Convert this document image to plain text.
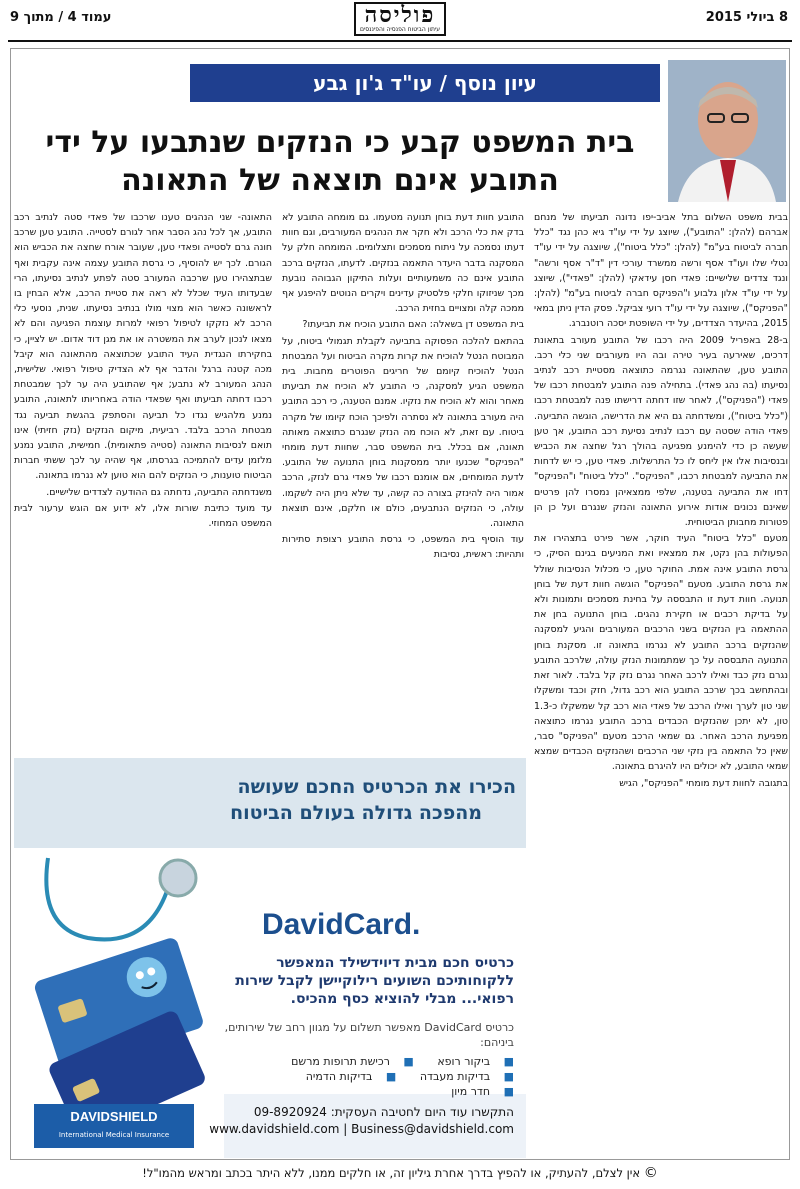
עמוד 4 / מתוך 9	פוליסה
עיתון הביטוח הפנסיה והפיננסים
8 ביולי 2015
עיון נוסף / עו"ד ג'ון גבע
בית המשפט קבע כי הנזקים שנתבעו על ידי התובע אינם תוצאה של התאונה

בבית משפט השלום בתל אביב-יפו נדונה תביעתו של מנחם אברהם (להלן: "התובע"), שיוצג על ידי עו"ד גיא כהן נגד "כלל חברה לביטוח בע"מ" (להלן: "כלל ביטוח"), שיוצגה על ידי עו"ד נטלי שלו ועו"ד אסף ורשה ממשרד עורכי דין "ד"ר אסף ורשה" ונגד צדדים שלישיים: פאדי חסן עידאקי (להלן: "פאדי"), שיוצג על ידי עו"ד אלון גלבוע ו"הפניקס חברה לביטוח בע"מ" (להלן: "הפניקס"), שיוצגה על ידי עו"ד רועי צביקל. פסק הדין ניתן במאי 2015, בהיעדר הצדדים, על ידי השופטת יסכה רוטנברג.

ב-28 באפריל 2009 היה רכבו של התובע מעורב בתאונת דרכים, שאירעה בעיר טירה ובה היו מעורבים שני כלי רכב. התובע טען, שהתאונה נגרמה כתוצאה מסטיית רכב לנתיב נסיעתו (בה נהג פאדי). בתחילה פנה התובע למבטחת רכבו של פאדי ("הפניקס"), לאחר שזו דחתה דרישתו פנה למבטחת רכבו ("כלל ביטוח"), ומשדחתה גם היא את הדרישה, הוגשה התביעה. פאדי הודה שסטה עם רכבו לנתיב נסיעת רכב התובע, אך טען שעשה כן כדי להימנע מפגיעה בהולך רגל שחצה את הכביש ובנסיבות אלו אין ליחס לו כל התרשלות. פאדי טען, כי יש לדחות את התביעה למבטחת רכבו, "הפניקס". "כלל ביטוח" ו"הפניקס" דחו את התביעה בטענה, שלפי ממצאיהן נמסרו להן פרטים שאינם נכונים אודות אירוע התאונה והנזק שנגרם ועל כן הן פטורות מחבותן הביטוחית.

מטעם "כלל ביטוח" העיד חוקר, אשר פירט בתצהירו את הפעולות בהן נקט, את ממצאיו ואת המניעים בגינם הסיק, כי גרסת התובע אינה אמת. החוקר טען, כי מכלול הנסיבות שולל את גרסת התובע. מטעם "הפניקס" הוגשה חוות דעת של בוחן תנועה. חוות דעת זו התבססה על בחינת מסמכים ותמונות ולא על בדיקת רכבים או חקירת נהגים. בוחן התנועה בחן את ההתאמה בין הנזקים בשני הרכבים המעורבים והגיע למסקנה שהנזקים ברכב התובע לא נגרמו בתאונה זו. מסקנת בוחן התנועה התבססה על כך שמתמונות הנזק עולה, שלרכב התובע נגרם נזק כבד ואילו לרכב האחר נגרם נזק קל בלבד. לאור זאת ובהתחשב בכך שרכב התובע הוא רכב גדול, חזק וכבד ומשקלו שני טון לערך ואילו הרכב של פאדי הוא רכב קל שמשקלו כ-1.3 טון, לא יתכן שהנזקים הכבדים ברכב התובע נגרמו כתוצאה מפגיעת הרכב האחר. גם שמאי הרכב מטעם "הפניקס" סבר, שאין כל התאמה בין נזקי שני הרכבים ושהנזקים הכבדים שמצא שמאי התובע, לא יכולים היו להיגרם בתאונה.

בתגובה לחוות דעת מומחי "הפניקס", הגיש

התובע חוות דעת בוחן תנועה מטעמו. גם מומחה התובע לא בדק את כלי הרכב ולא חקר את הנהגים המעורבים, וגם חוות דעתו נסמכה על ניתוח מסמכים ותצלומים. המומחה חלק על המסקנה בדבר היעדר התאמה בנזקים. לדעתו, הנזקים ברכב התובע אינם כה משמעותיים ועלות התיקון הגבוהה נובעת מכך שניזוקו חלקי פלסטיק עדינים ויקרים הנוטים להיפגע אף ממכה קלה ומצויים בחזית הרכב.

בית המשפט דן בשאלה: האם התובע הוכיח את תביעתו?

בהתאם להלכה הפסוקה בתביעה לקבלת תגמולי ביטוח, על המבוטח הנטל להוכיח את קרות מקרה הביטוח ועל המבטחת הנטל להוכיח קיומם של חריגים הפוטרים מחבות. בית המשפט הגיע למסקנה, כי התובע לא הוכיח את תביעתו מאחר והוא לא הוכיח את נזקיו. אמנם הטענה, כי רכב התובע היה מעורב בתאונה לא נסתרה ולפיכך הוכח קיומו של מקרה ביטוח. עם זאת, לא הוכח מה הנזק שנגרם כתוצאה מאותה תאונה, אם בכלל. בית המשפט סבר, שחוות דעת מומחי "הפניקס" שכנעו יותר ממסקנות בוחן התנועה של התובע. לדעת המומחים, אם אומנם רכבו של פאדי גרם לנזק, הרכב אמור היה להינזק בצורה כה קשה, עד שלא ניתן היה לשקמו. עולה, כי הנזקים הנתבעים, כולם או חלקם, אינם תוצאת התאונה.

עוד הוסיף בית המשפט, כי גרסת התובע רצופת סתירות ותהיות: ראשית, נסיבות

התאונה- שני הנהגים טענו שרכבו של פאדי סטה לנתיב רכב התובע, אך לכל נהג הסבר אחר לגורם לסטייה. התובע טען שרכב חונה גרם לסטייה ופאדי טען, שעובר אורח שחצה את הכביש הוא הגורם. לכך יש להוסיף, כי גרסת התובע עצמה אינה עקבית ואף שבתצהירו טען שרכבה המעורב סטה לפתע לנתיב נסיעתו, הרי שבעדותו העיד שכלל לא ראה את סטיית הרכב, אלא הבחין בו לראשונה כאשר הוא מצוי מולו בנתיב נסיעתו. שנית, נוסעי כלי הרכב לא נזקקו לטיפול רפואי למרות עוצמת הפגיעה והם לא מצאו לנכון לערב את המשטרה או את מגן דוד אדום. יש לציין, כי בחקירתו הנגדית העיד התובע שכתוצאה מהתאונה הוא קיבל מכה קטנה ברגל והדבר אף לא הצדיק טיפול רפואי. שלישית, הנהג המעורב לא נתבע; אף שהתובע היה ער לכך שמבטחת רכבו דחתה תביעתו ואף שפאדי הודה באחריותו לתאונה, התובע נמנע מלהגיש נגדו כל תביעה והסתפק בהגשת תביעה נגד מבטחת הרכב בלבד. רביעית, מיקום הנזקים (נזק חזיתי) אינו תואם לנסיבות התאונה (סטייה פתאומית). חמישית, התובע נמנע מלזמן עדים להתמיכה בגרסתו, אף שהיה ער לכך ששתי חברות הביטוח טוענות, כי הנזקים להם הוא טוען לא נגרמו בתאונה.

משנדחתה התביעה, נדחתה גם ההודעה לצדדים שלישיים.

עד מועד כתיבת שורות אלו, לא ידוע אם הוגש ערעור לבית המשפט המחוזי.

הכירו את הכרטיס החכם שעושה
מהפכה גדולה בעולם הביטוח
DavidCard.
כרטיס חכם מבית דיוידשילד המאפשר ללקוחותיכם השועים רילוקיישן לקבל שירות רפואי... מבלי להוציא כסף מהכיס.
כרטיס DavidCard מאפשר תשלום על מגוון רחב של שירותים, ביניהם:
■ ביקור רופא ■ רכישת תרופות מרשם ■ בדיקות מעבדה ■ בדיקות הדמיה ■ חדר מיון
התקשרו עוד היום לחטיבה העסקית: 09-8920924
www.davidshield.com | Business@davidshield.com
DAVIDSHIELD
International Medical Insurance
© אין לצלם, להעתיק, או להפיץ בדרך אחרת גיליון זה, או חלקים ממנו, ללא היתר בכתב ומראש מהמו"ל!
